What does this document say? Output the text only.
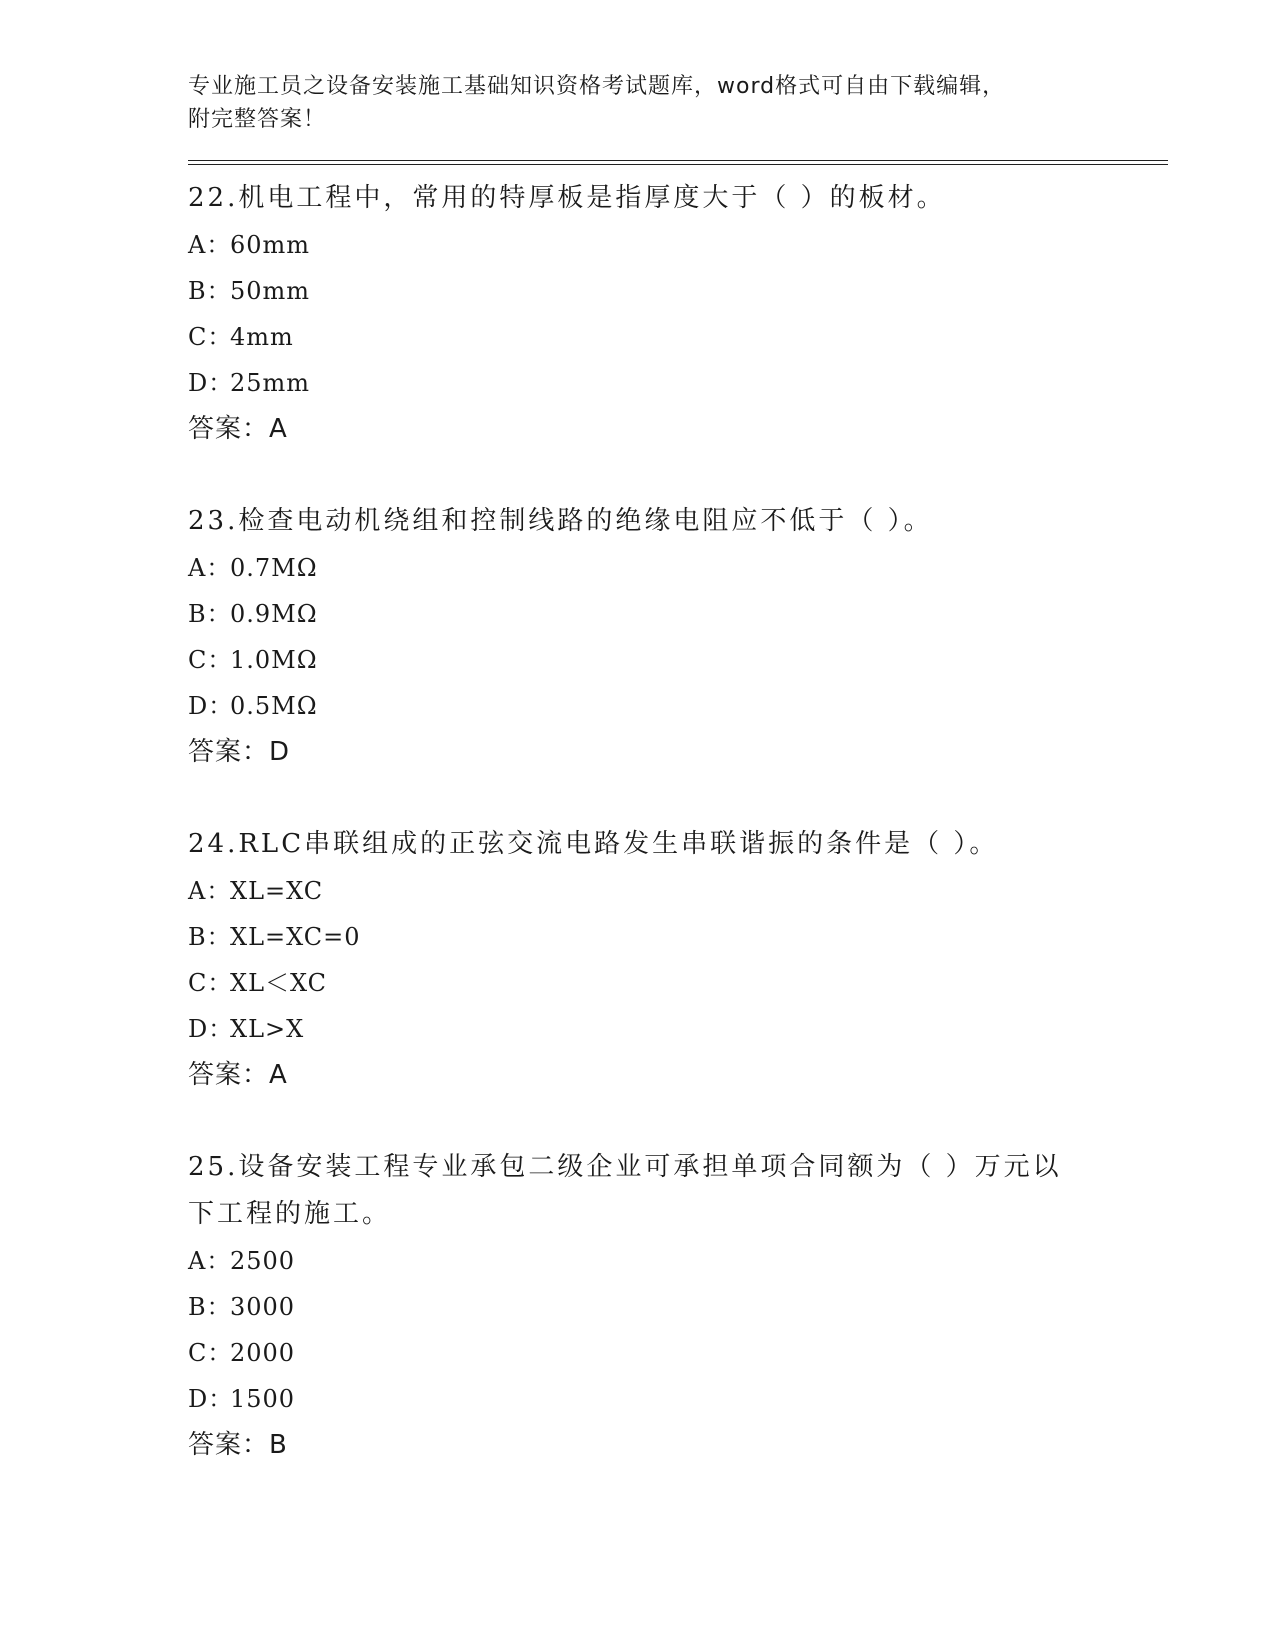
专业施工员之设备安装施工基础知识资格考试题库，word格式可自由下载编辑，
附完整答案！
22.机电工程中，常用的特厚板是指厚度大于（ ）的板材。
A：60mm
B：50mm
C：4mm
D：25mm
答案：A
23.检查电动机绕组和控制线路的绝缘电阻应不低于（ ）。
A：0.7MΩ
B：0.9MΩ
C：1.0MΩ
D：0.5MΩ
答案：D
24.RLC串联组成的正弦交流电路发生串联谐振的条件是（ ）。
A：XL=XC
B：XL=XC=0
C：XL＜XC
D：XL>X
答案：A
25.设备安装工程专业承包二级企业可承担单项合同额为（ ）万元以下工程的施工。
A：2500
B：3000
C：2000
D：1500
答案：B
